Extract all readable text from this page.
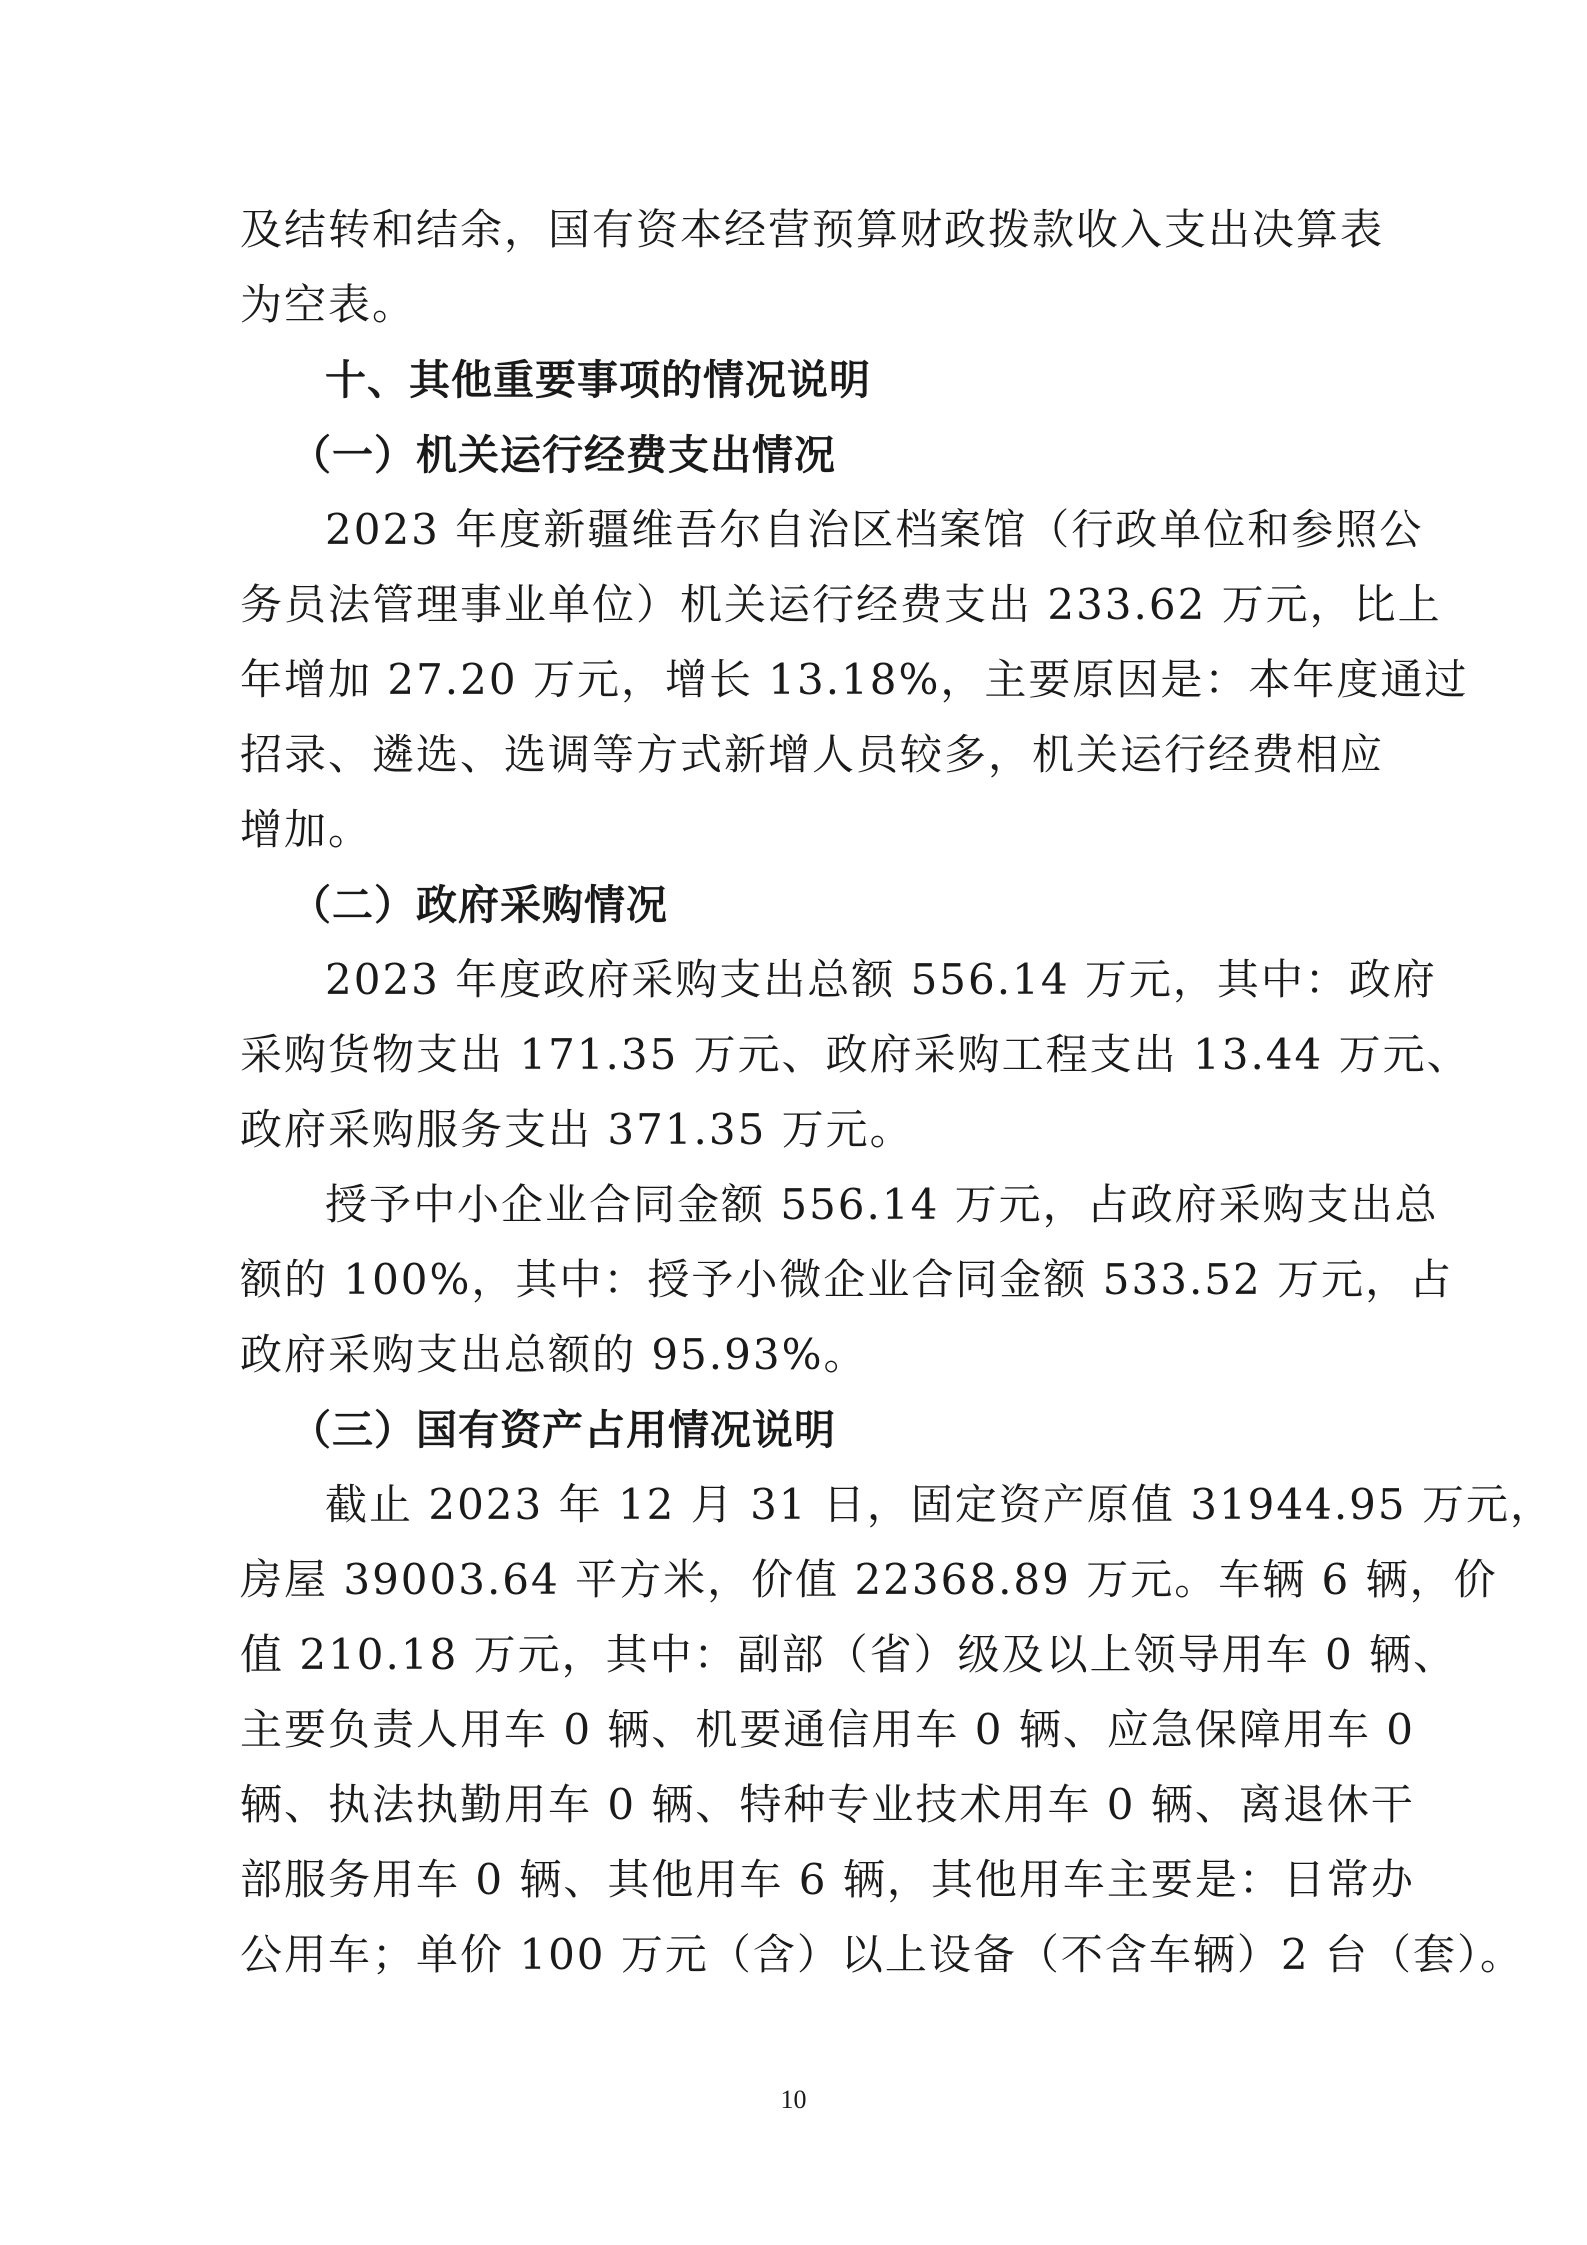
及结转和结余，国有资本经营预算财政拨款收入支出决算表
为空表。
十、其他重要事项的情况说明
（一）机关运行经费支出情况
2023 年度新疆维吾尔自治区档案馆（行政单位和参照公
务员法管理事业单位）机关运行经费支出 233.62 万元，比上
年增加 27.20 万元，增长 13.18%，主要原因是：本年度通过
招录、遴选、选调等方式新增人员较多，机关运行经费相应
增加。
（二）政府采购情况
2023 年度政府采购支出总额 556.14 万元，其中：政府
采购货物支出 171.35 万元、政府采购工程支出 13.44 万元、
政府采购服务支出 371.35 万元。
授予中小企业合同金额 556.14 万元，占政府采购支出总
额的 100%，其中：授予小微企业合同金额 533.52 万元，占
政府采购支出总额的 95.93%。
（三）国有资产占用情况说明
截止 2023 年 12 月 31 日，固定资产原值 31944.95 万元，
房屋 39003.64 平方米，价值 22368.89 万元。车辆 6 辆，价
值 210.18 万元，其中：副部（省）级及以上领导用车 0 辆、
主要负责人用车 0 辆、机要通信用车 0 辆、应急保障用车 0
辆、执法执勤用车 0 辆、特种专业技术用车 0 辆、离退休干
部服务用车 0 辆、其他用车 6 辆，其他用车主要是：日常办
公用车；单价 100 万元（含）以上设备（不含车辆）2 台（套）。
10
